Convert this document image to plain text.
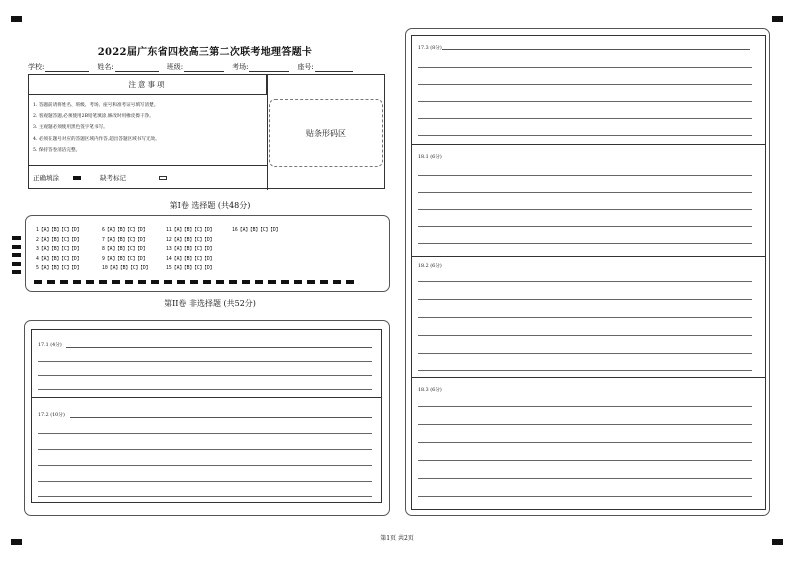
2022届广东省四校高三第二次联考地理答题卡
学校:	姓名:	班级:	考场:	座号:
注意事项
1. 答题前请将姓名、班级、考场、座号和准考证号填写清楚。
2. 客观题答题,必须使用2B铅笔填涂,修改时用橡皮擦干净。
3. 主观题必须使用黑色签字笔书写。
4. 必须在题号对应的答题区域内作答,超出答题区域书写无效。
5. 保持答卷清洁完整。
正确填涂	缺考标记
贴条形码区
第I卷 选择题 (共48分)
1【A】【B】【C】【D】
2【A】【B】【C】【D】
3【A】【B】【C】【D】
4【A】【B】【C】【D】
5【A】【B】【C】【D】
6【A】【B】【C】【D】
7【A】【B】【C】【D】
8【A】【B】【C】【D】
9【A】【B】【C】【D】
10【A】【B】【C】【D】
11【A】【B】【C】【D】
12【A】【B】【C】【D】
13【A】【B】【C】【D】
14【A】【B】【C】【D】
15【A】【B】【C】【D】
16【A】【B】【C】【D】
第II卷 非选择题 (共52分)
17.1 (4分)
17.2 (10分)
17.3 (8分)
18.1 (6分)
18.2 (6分)
18.3 (6分)
第1页 共2页
